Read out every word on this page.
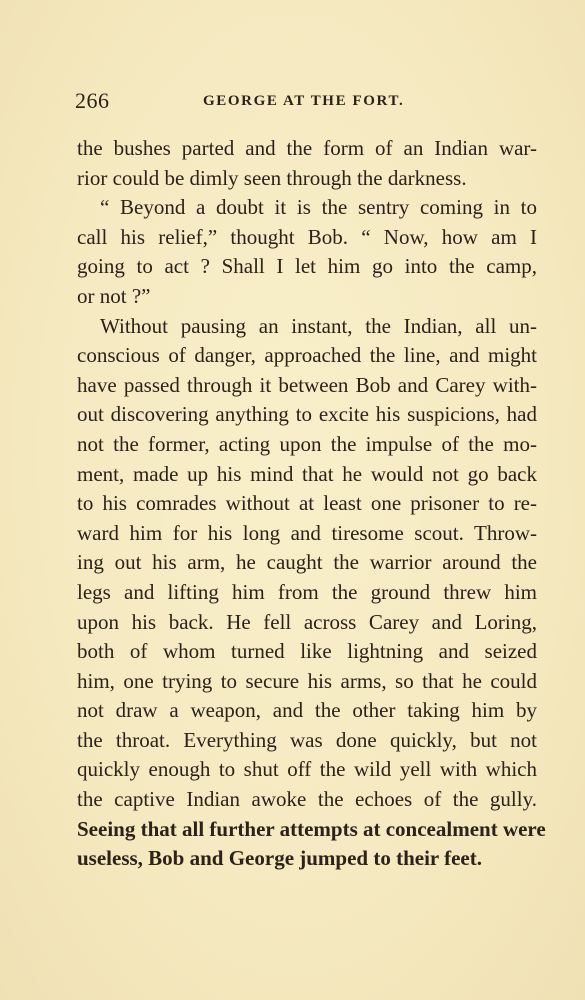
266	GEORGE AT THE FORT.
the bushes parted and the form of an Indian war-
rior could be dimly seen through the darkness.
“ Beyond a doubt it is the sentry coming in to
call his relief,” thought Bob. “ Now, how am I
going to act ? Shall I let him go into the camp,
or not ?”
Without pausing an instant, the Indian, all un-
conscious of danger, approached the line, and might
have passed through it between Bob and Carey with-
out discovering anything to excite his suspicions, had
not the former, acting upon the impulse of the mo-
ment, made up his mind that he would not go back
to his comrades without at least one prisoner to re-
ward him for his long and tiresome scout. Throw-
ing out his arm, he caught the warrior around the
legs and lifting him from the ground threw him
upon his back. He fell across Carey and Loring,
both of whom turned like lightning and seized
him, one trying to secure his arms, so that he could
not draw a weapon, and the other taking him by
the throat. Everything was done quickly, but not
quickly enough to shut off the wild yell with which
the captive Indian awoke the echoes of the gully.
Seeing that all further attempts at concealment were
useless, Bob and George jumped to their feet.
